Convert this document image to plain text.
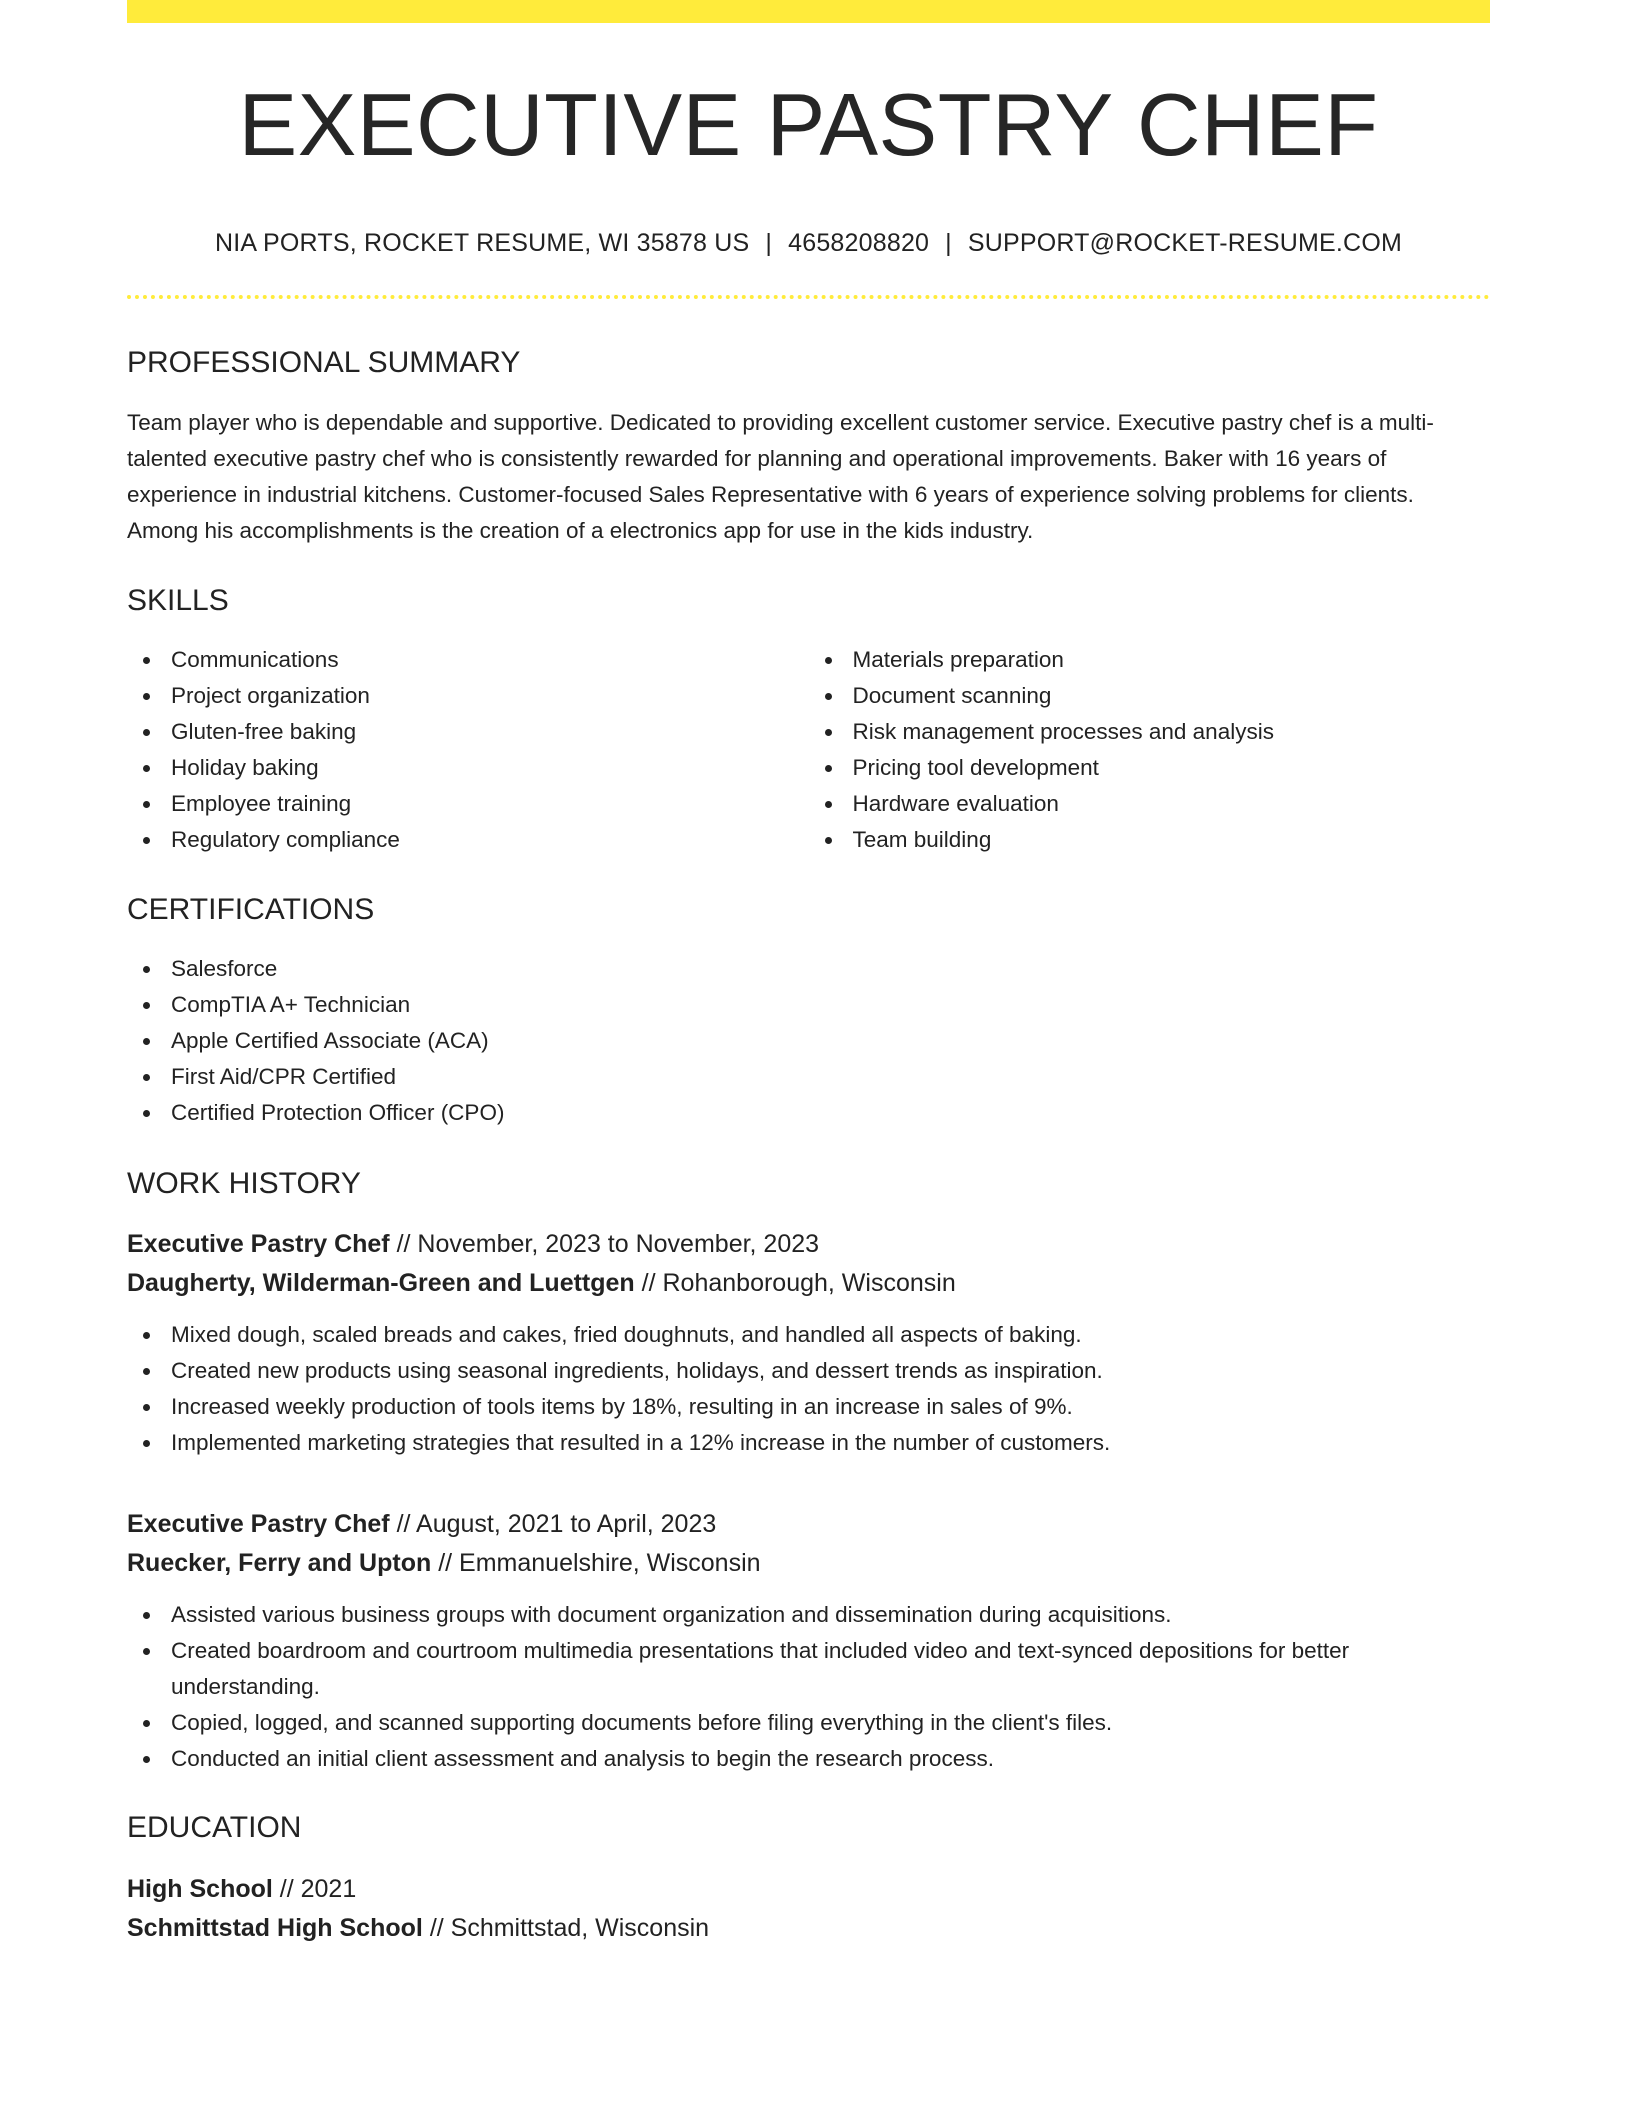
EXECUTIVE PASTRY CHEF
NIA PORTS, ROCKET RESUME, WI 35878 US | 4658208820 | SUPPORT@ROCKET-RESUME.COM
PROFESSIONAL SUMMARY

Team player who is dependable and supportive. Dedicated to providing excellent customer service. Executive pastry chef is a multi-talented executive pastry chef who is consistently rewarded for planning and operational improvements. Baker with 16 years of experience in industrial kitchens. Customer-focused Sales Representative with 6 years of experience solving problems for clients. Among his accomplishments is the creation of a electronics app for use in the kids industry.

SKILLS
Communications
Project organization
Gluten-free baking
Holiday baking
Employee training
Regulatory compliance
Materials preparation
Document scanning
Risk management processes and analysis
Pricing tool development
Hardware evaluation
Team building
CERTIFICATIONS
Salesforce
CompTIA A+ Technician
Apple Certified Associate (ACA)
First Aid/CPR Certified
Certified Protection Officer (CPO)
WORK HISTORY
Executive Pastry Chef // November, 2023 to November, 2023
Daugherty, Wilderman-Green and Luettgen // Rohanborough, Wisconsin
Mixed dough, scaled breads and cakes, fried doughnuts, and handled all aspects of baking.
Created new products using seasonal ingredients, holidays, and dessert trends as inspiration.
Increased weekly production of tools items by 18%, resulting in an increase in sales of 9%.
Implemented marketing strategies that resulted in a 12% increase in the number of customers.
Executive Pastry Chef // August, 2021 to April, 2023
Ruecker, Ferry and Upton // Emmanuelshire, Wisconsin
Assisted various business groups with document organization and dissemination during acquisitions.
Created boardroom and courtroom multimedia presentations that included video and text-synced depositions for better understanding.
Copied, logged, and scanned supporting documents before filing everything in the client's files.
Conducted an initial client assessment and analysis to begin the research process.
EDUCATION
High School // 2021
Schmittstad High School // Schmittstad, Wisconsin
